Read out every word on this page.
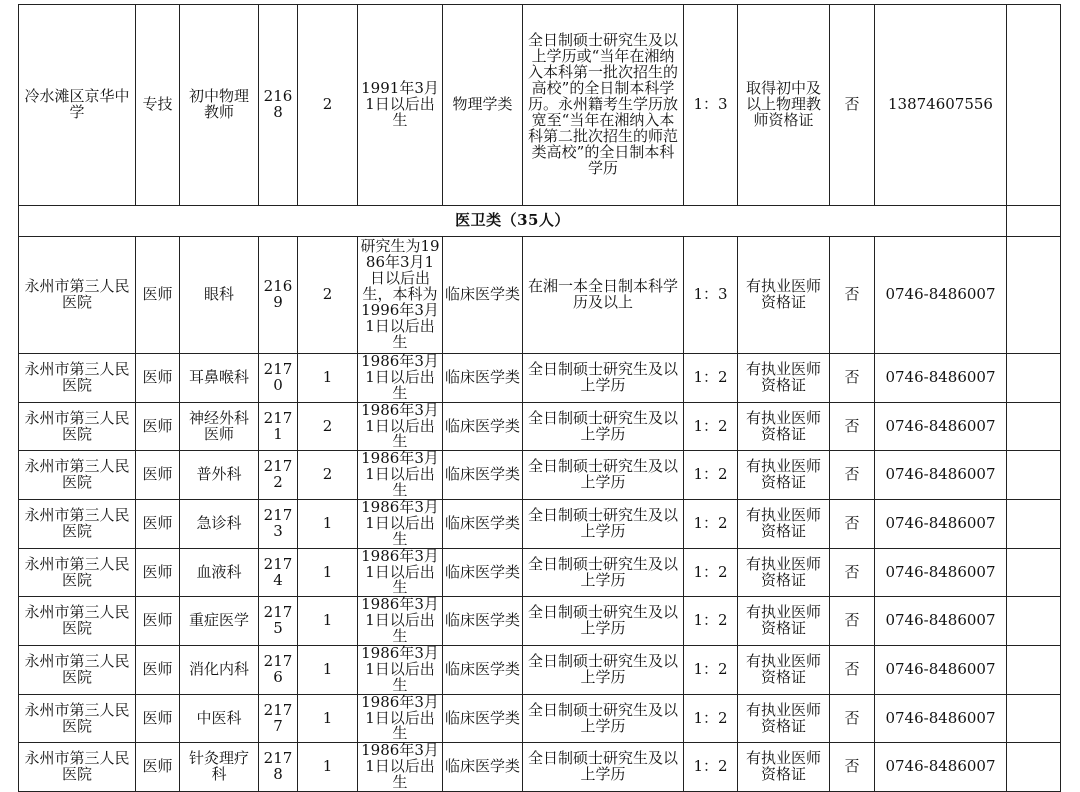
冷水滩区京华中学	专技	初中物理教师	2168	2	1991年3月1日以后出生	物理学类	全日制硕士研究生及以上学历或“当年在湘纳入本科第一批次招生的高校”的全日制本科学历。永州籍考生学历放宽至“当年在湘纳入本科第二批次招生的师范类高校”的全日制本科学历	1：3	取得初中及以上物理教师资格证	否	13874607556	
医卫类（35人）												
永州市第三人民医院	医师	眼科	2169	2	研究生为1986年3月1日以后出生，本科为1996年3月1日以后出生	临床医学类	在湘一本全日制本科学历及以上	1：3	有执业医师资格证	否	0746-8486007	
永州市第三人民医院	医师	耳鼻喉科	2170	1	1986年3月1日以后出生	临床医学类	全日制硕士研究生及以上学历	1：2	有执业医师资格证	否	0746-8486007	
永州市第三人民医院	医师	神经外科医师	2171	2	1986年3月1日以后出生	临床医学类	全日制硕士研究生及以上学历	1：2	有执业医师资格证	否	0746-8486007	
永州市第三人民医院	医师	普外科	2172	2	1986年3月1日以后出生	临床医学类	全日制硕士研究生及以上学历	1：2	有执业医师资格证	否	0746-8486007	
永州市第三人民医院	医师	急诊科	2173	1	1986年3月1日以后出生	临床医学类	全日制硕士研究生及以上学历	1：2	有执业医师资格证	否	0746-8486007	
永州市第三人民医院	医师	血液科	2174	1	1986年3月1日以后出生	临床医学类	全日制硕士研究生及以上学历	1：2	有执业医师资格证	否	0746-8486007	
永州市第三人民医院	医师	重症医学	2175	1	1986年3月1日以后出生	临床医学类	全日制硕士研究生及以上学历	1：2	有执业医师资格证	否	0746-8486007	
永州市第三人民医院	医师	消化内科	2176	1	1986年3月1日以后出生	临床医学类	全日制硕士研究生及以上学历	1：2	有执业医师资格证	否	0746-8486007	
永州市第三人民医院	医师	中医科	2177	1	1986年3月1日以后出生	临床医学类	全日制硕士研究生及以上学历	1：2	有执业医师资格证	否	0746-8486007	
永州市第三人民医院	医师	针灸理疗科	2178	1	1986年3月1日以后出生	临床医学类	全日制硕士研究生及以上学历	1：2	有执业医师资格证	否	0746-8486007	
